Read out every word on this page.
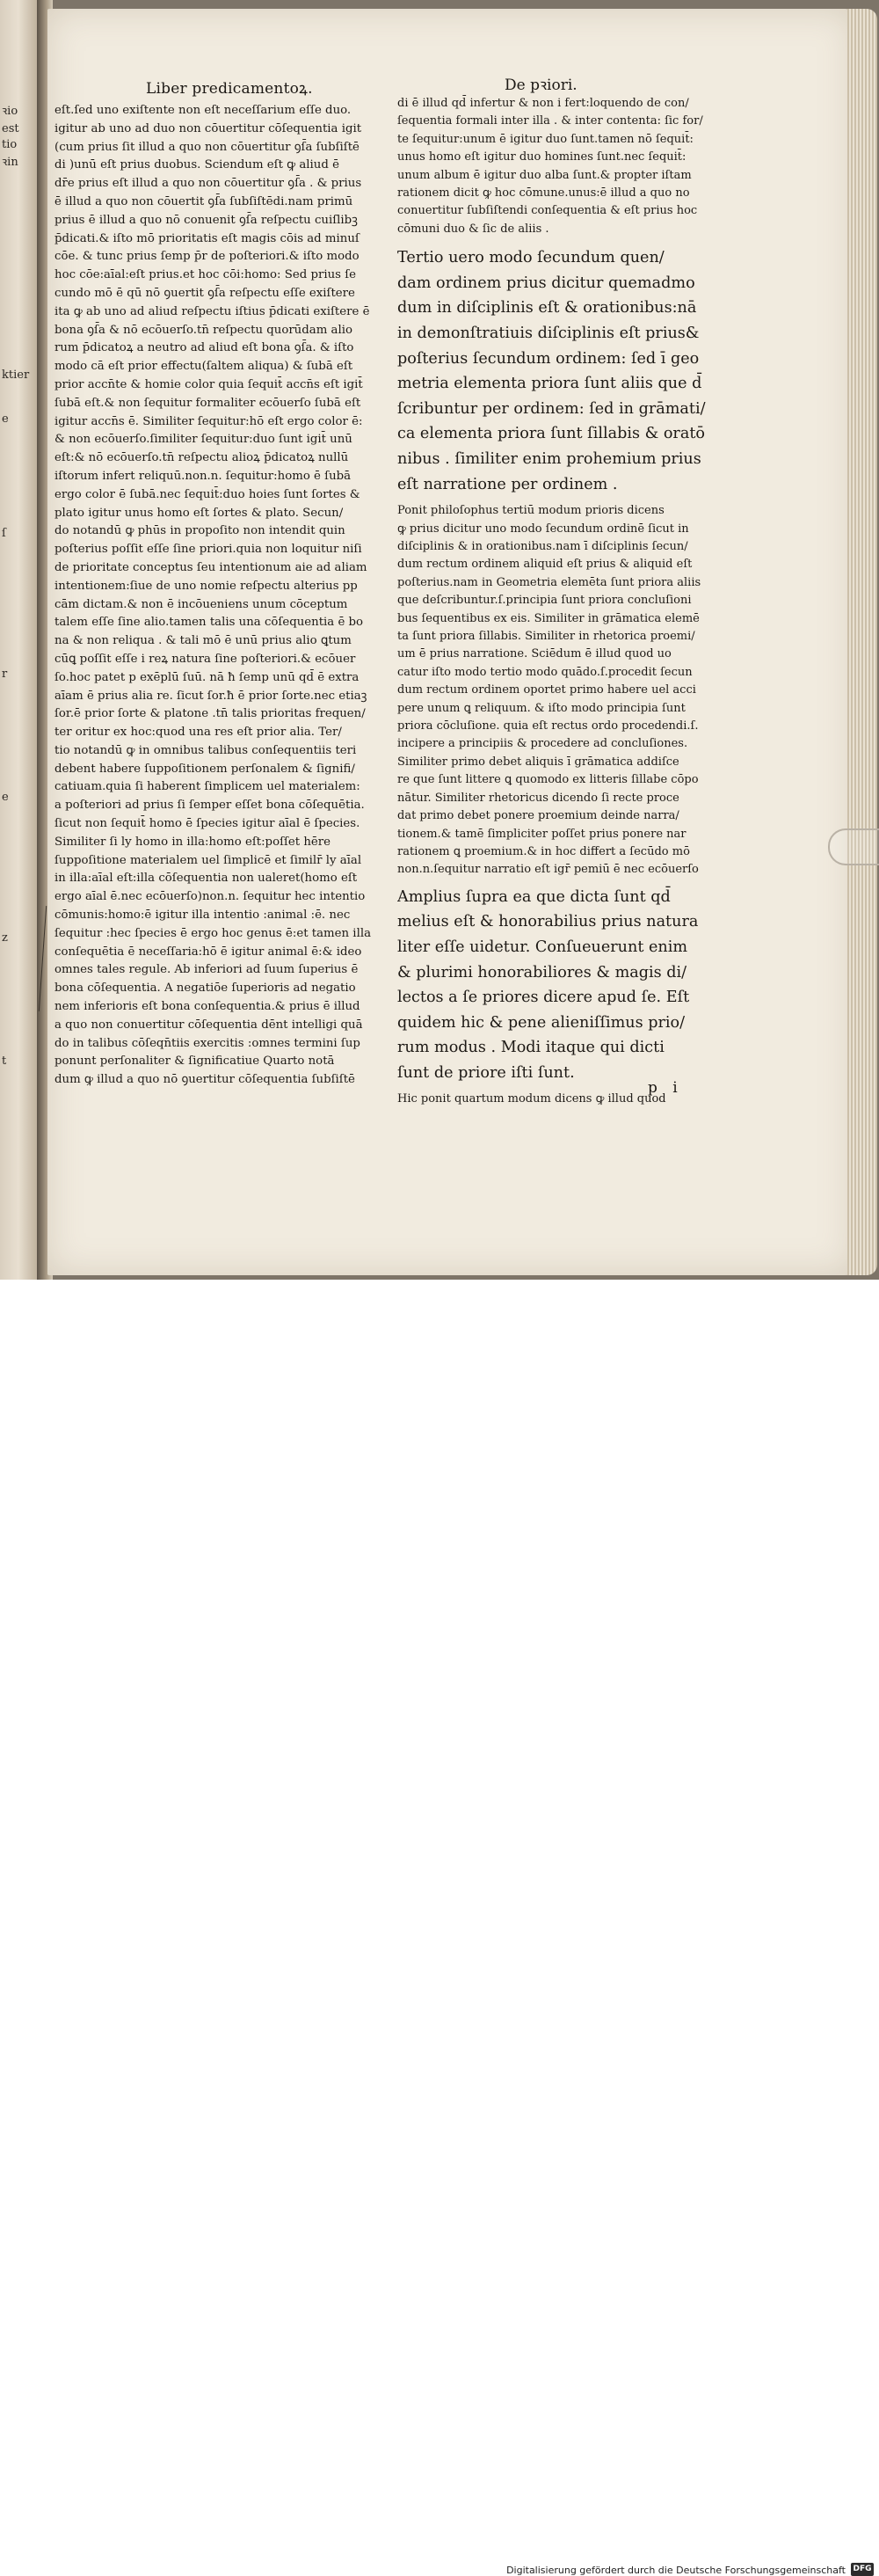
ꝛio
est
tio
ꝛin
ktier
e
ſ
r
e
z
t
Liber predicamentoꝝ.	De pꝛiori.
eſt.ſed uno exiſtente non eſt neceſſarium eſſe duo.
igitur ab uno ad duo non cōuertitur cōſequentia igit
(cum prius ſit illud a quo non cōuertitur ꝯſ̄a ſubſiſtē
di )unū eſt prius duobus. Sciendum eſt ꝙ aliud ē
dr̄e prius eſt illud a quo non cōuertitur ꝯſ̄a . & prius
ē illud a quo non cōuertit ꝯſ̄a ſubſiſtēdi.nam primū
prius ē illud a quo nō conuenit ꝯſ̄a reſpectu cuiſlibꝫ
p̄dicati.& iſto mō prioritatis eſt magis cōis ad minuſ
cōe. & tunc prius ſemp p̄r de poſteriori.& iſto modo
hoc cōe:aīal:eſt prius.et hoc cōi:homo: Sed prius ſe
cundo mō ē qū nō ꝯuertit ꝯſ̄a reſpectu eſſe exiſtere
ita ꝙ ab uno ad aliud reſpectu iſtius p̄dicati exiſtere ē
bona ꝯſ̄a & nō ecōuerſo.tn̄ reſpectu quorūdam alio
rum p̄dicatoꝝ a neutro ad aliud eſt bona ꝯſ̄a. & iſto
modo cā eſt prior effectu(ſaltem aliqua) & ſubā eſt
prior accn̄te & homie color quia ſequit̄ accn̄s eſt igit̄
ſubā eſt.& non ſequitur formaliter ecōuerſo ſubā eſt
igitur accn̄s ē. Similiter ſequitur:hō eſt ergo color ē:
& non ecōuerſo.ſimiliter ſequitur:duo ſunt igit̄ unū
eſt:& nō ecōuerſo.tn̄ reſpectu alioꝝ p̄dicatoꝝ nullū
iſtorum infert reliquū.non.n. ſequitur:homo ē ſubā
ergo color ē ſubā.nec ſequit̄:duo hoies ſunt ſortes &
plato igitur unus homo eſt ſortes & plato. Secun/
do notandū ꝙ phūs in propoſito non intendit quin
poſterius poſſit eſſe ſine priori.quia non loquitur niſi
de prioritate conceptus ſeu intentionum aie ad aliam
intentionem:ſiue de uno nomie reſpectu alterius pp
cām dictam.& non ē incōueniens unum cōceptum
talem eſſe ſine alio.tamen talis una cōſequentia ē bo
na & non reliqua . & tali mō ē unū prius alio ꝗtum
cūꝗ poſſit eſſe i reꝝ natura ſine poſteriori.& ecōuer
ſo.hoc patet p exēplū ſuū. nā ħ ſemp unū qd̄ ē extra
aīam ē prius alia re. ſicut ſor.ħ ē prior ſorte.nec etiaꝫ
ſor.ē prior ſorte & platone .tn̄ talis prioritas frequen/
ter oritur ex hoc:quod una res eſt prior alia. Ter/
tio notandū ꝙ in omnibus talibus conſequentiis teri
debent habere ſuppoſitionem perſonalem & ſignifi/
catiuam.quia ſi haberent ſimplicem uel materialem:
a poſteriori ad prius ſi ſemper eſſet bona cōſequētia.
ſicut non ſequit̄ homo ē ſpecies igitur aīal ē ſpecies.
Similiter ſi ly homo in illa:homo eſt:poſſet hēre
ſuppoſitione materialem uel ſimplicē et ſimilr̄ ly aīal
in illa:aīal eſt:illa cōſequentia non ualeret(homo eſt
ergo aīal ē.nec ecōuerſo)non.n. ſequitur hec intentio
cōmunis:homo:ē igitur illa intentio :animal :ē. nec
ſequitur :hec ſpecies ē ergo hoc genus ē:et tamen illa
conſequētia ē neceſſaria:hō ē igitur animal ē:& ideo
omnes tales regule. Ab inferiori ad ſuum ſuperius ē
bona cōſequentia. A negatiōe ſuperioris ad negatio
nem inferioris eſt bona conſequentia.& prius ē illud
a quo non conuertitur cōſequentia dēnt intelligi quā
do in talibus cōſeqn̄tiis exercitis :omnes termini ſup
ponunt perſonaliter & ſignificatiue Quarto notā
dum ꝙ illud a quo nō ꝯuertitur cōſequentia ſubſiſtē
di ē illud qd̄ infertur & non i fert:loquendo de con/
ſequentia formali inter illa . & inter contenta: ſic for/
te ſequitur:unum ē igitur duo ſunt.tamen nō ſequit̄:
unus homo eſt igitur duo homines ſunt.nec ſequit̄:
unum album ē igitur duo alba ſunt.& propter iſtam
rationem dicit ꝙ hoc cōmune.unus:ē illud a quo no
conuertitur ſubſiſtendi conſequentia & eſt prius hoc
cōmuni duo & ſic de aliis .
Tertio uero modo ſecundum quen/
dam ordinem prius dicitur quemadmo
dum in diſciplinis eſt & orationibus:nā
in demonſtratiuis diſciplinis eſt prius&
poſterius ſecundum ordinem: ſed ī geo
metria elementa priora ſunt aliis que d̄
ſcribuntur per ordinem: ſed in grāmati/
ca elementa priora ſunt ſillabis & oratō
nibus . ſimiliter enim prohemium prius
eſt narratione per ordinem .
Ponit philoſophus tertiū modum prioris dicens
ꝙ prius dicitur uno modo ſecundum ordinē ſicut in
diſciplinis & in orationibus.nam ī diſciplinis ſecun/
dum rectum ordinem aliquid eſt prius & aliquid eſt
poſterius.nam in Geometria elemēta ſunt priora aliis
que deſcribuntur.ſ.principia ſunt priora concluſioni
bus ſequentibus ex eis. Similiter in grāmatica elemē
ta ſunt priora ſillabis. Similiter in rhetorica proemi/
um ē prius narratione. Sciēdum ē illud quod uo
catur iſto modo tertio modo quādo.ſ.procedit ſecun
dum rectum ordinem oportet primo habere uel acci
pere unum ꝗ reliquum. & iſto modo principia ſunt
priora cōcluſione. quia eſt rectus ordo procedendi.ſ.
incipere a principiis & procedere ad concluſiones.
Similiter primo debet aliquis ī grāmatica addiſce
re que ſunt littere ꝗ quomodo ex litteris ſillabe cōpo
nātur. Similiter rhetoricus dicendo ſi recte proce
dat primo debet ponere proemium deinde narra/
tionem.& tamē ſimpliciter poſſet prius ponere nar
rationem ꝗ proemium.& in hoc differt a ſecūdo mō
non.n.ſequitur narratio eſt igr̄ pemiū ē nec ecōuerſo
Amplius ſupra ea que dicta ſunt qd̄
melius eſt & honorabilius prius natura
liter eſſe uidetur. Conſueuerunt enim
& plurimi honorabiliores & magis di/
lectos a ſe priores dicere apud ſe. Eſt
quidem hic & pene alieniſſimus prio/
rum modus . Modi itaque qui dicti
ſunt de priore iſti ſunt.
Hic ponit quartum modum dicens ꝙ illud quod
p i
Digitalisierung gefördert durch die Deutsche Forschungsgemeinschaft DFG
